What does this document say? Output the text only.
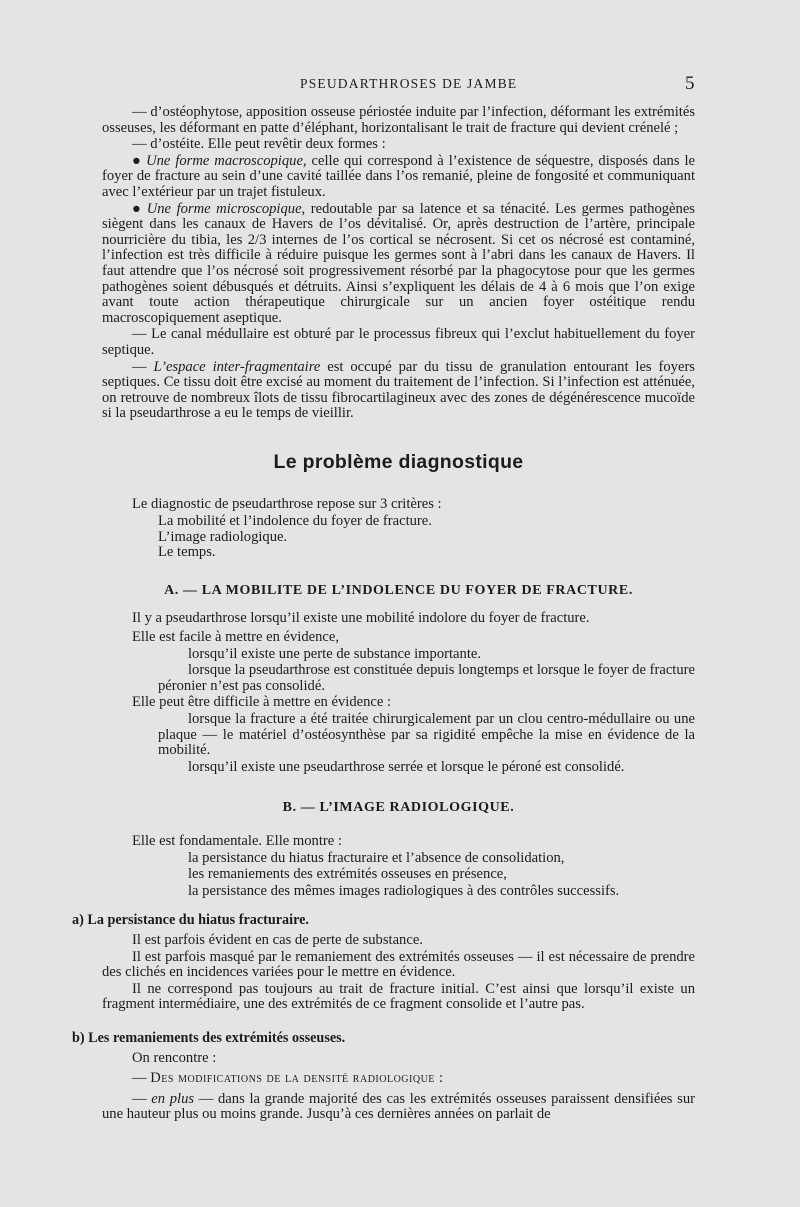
PSEUDARTHROSES DE JAMBE	5

— d’ostéophytose, apposition osseuse périostée induite par l’infection, déformant les extrémités osseuses, les déformant en patte d’éléphant, horizontalisant le trait de fracture qui devient crénelé ;

— d’ostéite. Elle peut revêtir deux formes :

● Une forme macroscopique, celle qui correspond à l’existence de séquestre, disposés dans le foyer de fracture au sein d’une cavité taillée dans l’os remanié, pleine de fongosité et communiquant avec l’extérieur par un trajet fistuleux.

● Une forme microscopique, redoutable par sa latence et sa ténacité. Les germes pathogènes siègent dans les canaux de Havers de l’os dévitalisé. Or, après destruction de l’artère, principale nourricière du tibia, les 2/3 internes de l’os cortical se nécrosent. Si cet os nécrosé est contaminé, l’infection est très difficile à réduire puisque les germes sont à l’abri dans les canaux de Havers. Il faut attendre que l’os nécrosé soit progressivement résorbé par la phagocytose pour que les germes pathogènes soient débusqués et détruits. Ainsi s’expliquent les délais de 4 à 6 mois que l’on exige avant toute action thérapeutique chirurgicale sur un ancien foyer ostéitique rendu macroscopiquement aseptique.

— Le canal médullaire est obturé par le processus fibreux qui l’exclut habituellement du foyer septique.

— L’espace inter-fragmentaire est occupé par du tissu de granulation entourant les foyers septiques. Ce tissu doit être excisé au moment du traitement de l’infection. Si l’infection est atténuée, on retrouve de nombreux îlots de tissu fibrocartilagineux avec des zones de dégénérescence mucoïde si la pseudarthrose a eu le temps de vieillir.

Le problème diagnostique

Le diagnostic de pseudarthrose repose sur 3 critères :

La mobilité et l’indolence du foyer de fracture.
L’image radiologique.
Le temps.
A. — LA MOBILITE DE L’INDOLENCE DU FOYER DE FRACTURE.

Il y a pseudarthrose lorsqu’il existe une mobilité indolore du foyer de fracture.

Elle est facile à mettre en évidence,

lorsqu’il existe une perte de substance importante.

lorsque la pseudarthrose est constituée depuis longtemps et lorsque le foyer de fracture péronier n’est pas consolidé.

Elle peut être difficile à mettre en évidence :

lorsque la fracture a été traitée chirurgicalement par un clou centro-médullaire ou une plaque — le matériel d’ostéosynthèse par sa rigidité empêche la mise en évidence de la mobilité.

lorsqu’il existe une pseudarthrose serrée et lorsque le péroné est consolidé.

B. — L’IMAGE RADIOLOGIQUE.

Elle est fondamentale. Elle montre :

la persistance du hiatus fracturaire et l’absence de consolidation,

les remaniements des extrémités osseuses en présence,

la persistance des mêmes images radiologiques à des contrôles successifs.

a) La persistance du hiatus fracturaire.

Il est parfois évident en cas de perte de substance.

Il est parfois masqué par le remaniement des extrémités osseuses — il est nécessaire de prendre des clichés en incidences variées pour le mettre en évidence.

Il ne correspond pas toujours au trait de fracture initial. C’est ainsi que lorsqu’il existe un fragment intermédiaire, une des extrémités de ce fragment consolide et l’autre pas.

b) Les remaniements des extrémités osseuses.

On rencontre :

— Des modifications de la densité radiologique :

— en plus — dans la grande majorité des cas les extrémités osseuses paraissent densifiées sur une hauteur plus ou moins grande. Jusqu’à ces dernières années on parlait de
